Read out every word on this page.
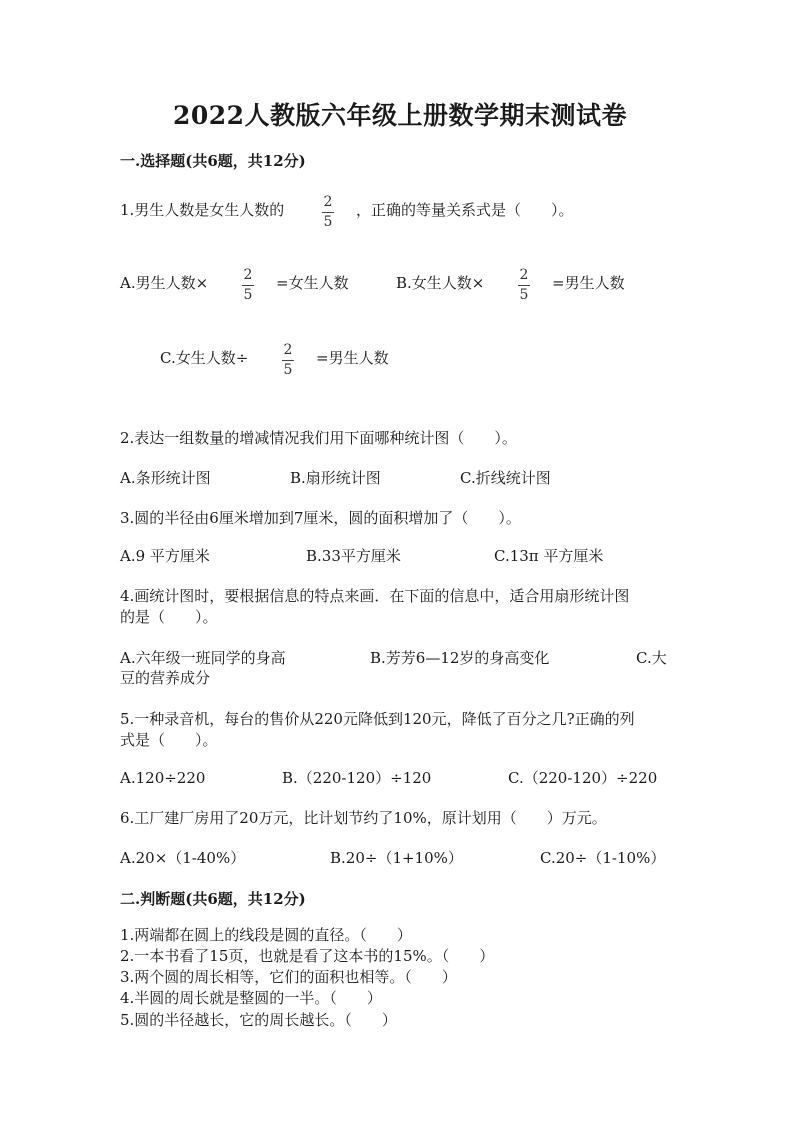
2022人教版六年级上册数学期末测试卷
一.选择题(共6题，共12分)
1.男生人数是女生人数的	2
5
，正确的等量关系式是（　　）。
A.男生人数×	2
5
=女生人数	B.女生人数×	2
5
=男生人数
C.女生人数÷	2
5
=男生人数
2.表达一组数量的增减情况我们用下面哪种统计图（　　）。
A.条形统计图	B.扇形统计图	C.折线统计图
3.圆的半径由6厘米增加到7厘米，圆的面积增加了（　　）。
A.9 平方厘米	B.33平方厘米	C.13π 平方厘米
4.画统计图时，要根据信息的特点来画．在下面的信息中，适合用扇形统计图
的是（　　）。
A.六年级一班同学的身高	B.芳芳6—12岁的身高变化	C.大
豆的营养成分
5.一种录音机，每台的售价从220元降低到120元，降低了百分之几?正确的列
式是（　　）。
A.120÷220	B.（220-120）÷120	C.（220-120）÷220
6.工厂建厂房用了20万元，比计划节约了10%，原计划用（　　）万元。
A.20×（1-40%）	B.20÷（1+10%）	C.20÷（1-10%）
二.判断题(共6题，共12分)
1.两端都在圆上的线段是圆的直径。（　　）
2.一本书看了15页，也就是看了这本书的15%。（　　）
3.两个圆的周长相等，它们的面积也相等。（　　）
4.半圆的周长就是整圆的一半。（　　）
5.圆的半径越长，它的周长越长。（　　）
